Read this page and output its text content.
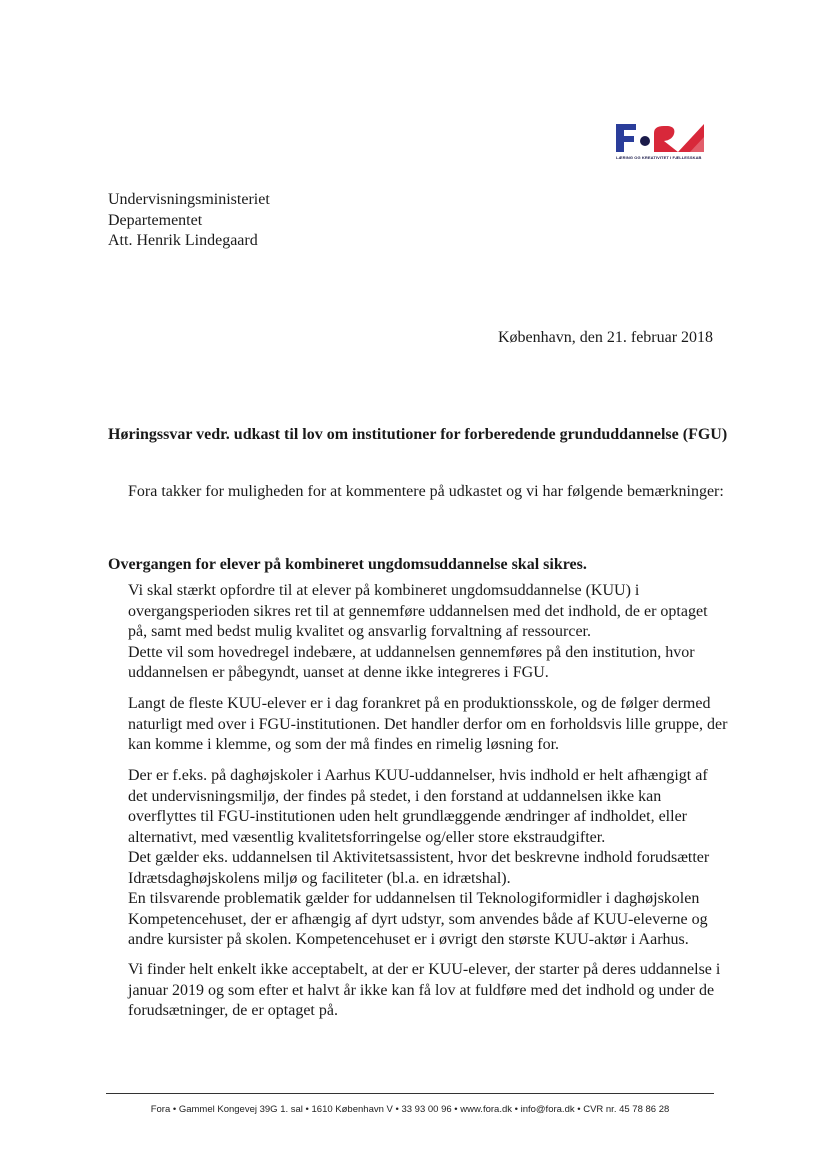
LÆRING OG KREATIVITET I FÆLLESSKAB
Undervisningsministeriet
Departementet
Att. Henrik Lindegaard
København, den 21. februar 2018
Høringssvar vedr. udkast til lov om institutioner for forberedende grunduddannelse (FGU)
Fora takker for muligheden for at kommentere på udkastet og vi har følgende bemærkninger:
Overgangen for elever på kombineret ungdomsuddannelse skal sikres.

Vi skal stærkt opfordre til at elever på kombineret ungdomsuddannelse (KUU) i overgangsperioden sikres ret til at gennemføre uddannelsen med det indhold, de er optaget på, samt med bedst mulig kvalitet og ansvarlig forvaltning af ressourcer.

Dette vil som hovedregel indebære, at uddannelsen gennemføres på den institution, hvor uddannelsen er påbegyndt, uanset at denne ikke integreres i FGU.

Langt de fleste KUU-elever er i dag forankret på en produktionsskole, og de følger dermed naturligt med over i FGU-institutionen. Det handler derfor om en forholdsvis lille gruppe, der kan komme i klemme, og som der må findes en rimelig løsning for.

Der er f.eks. på daghøjskoler i Aarhus KUU-uddannelser, hvis indhold er helt afhængigt af det undervisningsmiljø, der findes på stedet, i den forstand at uddannelsen ikke kan overflyttes til FGU-institutionen uden helt grundlæggende ændringer af indholdet, eller alternativt, med væsentlig kvalitetsforringelse og/eller store ekstraudgifter.

Det gælder eks. uddannelsen til Aktivitetsassistent, hvor det beskrevne indhold forudsætter Idrætsdaghøjskolens miljø og faciliteter (bl.a. en idrætshal).

En tilsvarende problematik gælder for uddannelsen til Teknologiformidler i daghøjskolen Kompetencehuset, der er afhængig af dyrt udstyr, som anvendes både af KUU-eleverne og andre kursister på skolen. Kompetencehuset er i øvrigt den største KUU-aktør i Aarhus.

Vi finder helt enkelt ikke acceptabelt, at der er KUU-elever, der starter på deres uddannelse i januar 2019 og som efter et halvt år ikke kan få lov at fuldføre med det indhold og under de forudsætninger, de er optaget på.

Fora • Gammel Kongevej 39G 1. sal • 1610 København V • 33 93 00 96 • www.fora.dk • info@fora.dk • CVR nr. 45 78 86 28
